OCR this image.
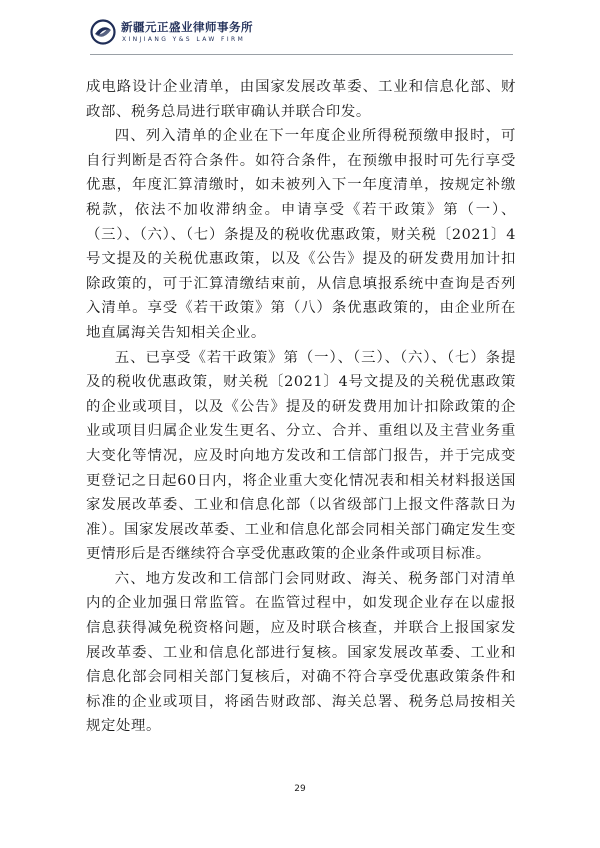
新疆元正盛业律师事务所
XINJIANG Y&S LAW FIRM

成电路设计企业清单，由国家发展改革委、工业和信息化部、财政部、税务总局进行联审确认并联合印发。

四、列入清单的企业在下一年度企业所得税预缴申报时，可自行判断是否符合条件。如符合条件，在预缴申报时可先行享受优惠，年度汇算清缴时，如未被列入下一年度清单，按规定补缴税款，依法不加收滞纳金。申请享受《若干政策》第（一）、（三）、（六）、（七）条提及的税收优惠政策，财关税〔2021〕4号文提及的关税优惠政策，以及《公告》提及的研发费用加计扣除政策的，可于汇算清缴结束前，从信息填报系统中查询是否列入清单。享受《若干政策》第（八）条优惠政策的，由企业所在地直属海关告知相关企业。

五、已享受《若干政策》第（一）、（三）、（六）、（七）条提及的税收优惠政策，财关税〔2021〕4号文提及的关税优惠政策的企业或项目，以及《公告》提及的研发费用加计扣除政策的企业或项目归属企业发生更名、分立、合并、重组以及主营业务重大变化等情况，应及时向地方发改和工信部门报告，并于完成变更登记之日起60日内，将企业重大变化情况表和相关材料报送国家发展改革委、工业和信息化部（以省级部门上报文件落款日为准）。国家发展改革委、工业和信息化部会同相关部门确定发生变更情形后是否继续符合享受优惠政策的企业条件或项目标准。

六、地方发改和工信部门会同财政、海关、税务部门对清单内的企业加强日常监管。在监管过程中，如发现企业存在以虚报信息获得减免税资格问题，应及时联合核查，并联合上报国家发展改革委、工业和信息化部进行复核。国家发展改革委、工业和信息化部会同相关部门复核后，对确不符合享受优惠政策条件和标准的企业或项目，将函告财政部、海关总署、税务总局按相关规定处理。

29
